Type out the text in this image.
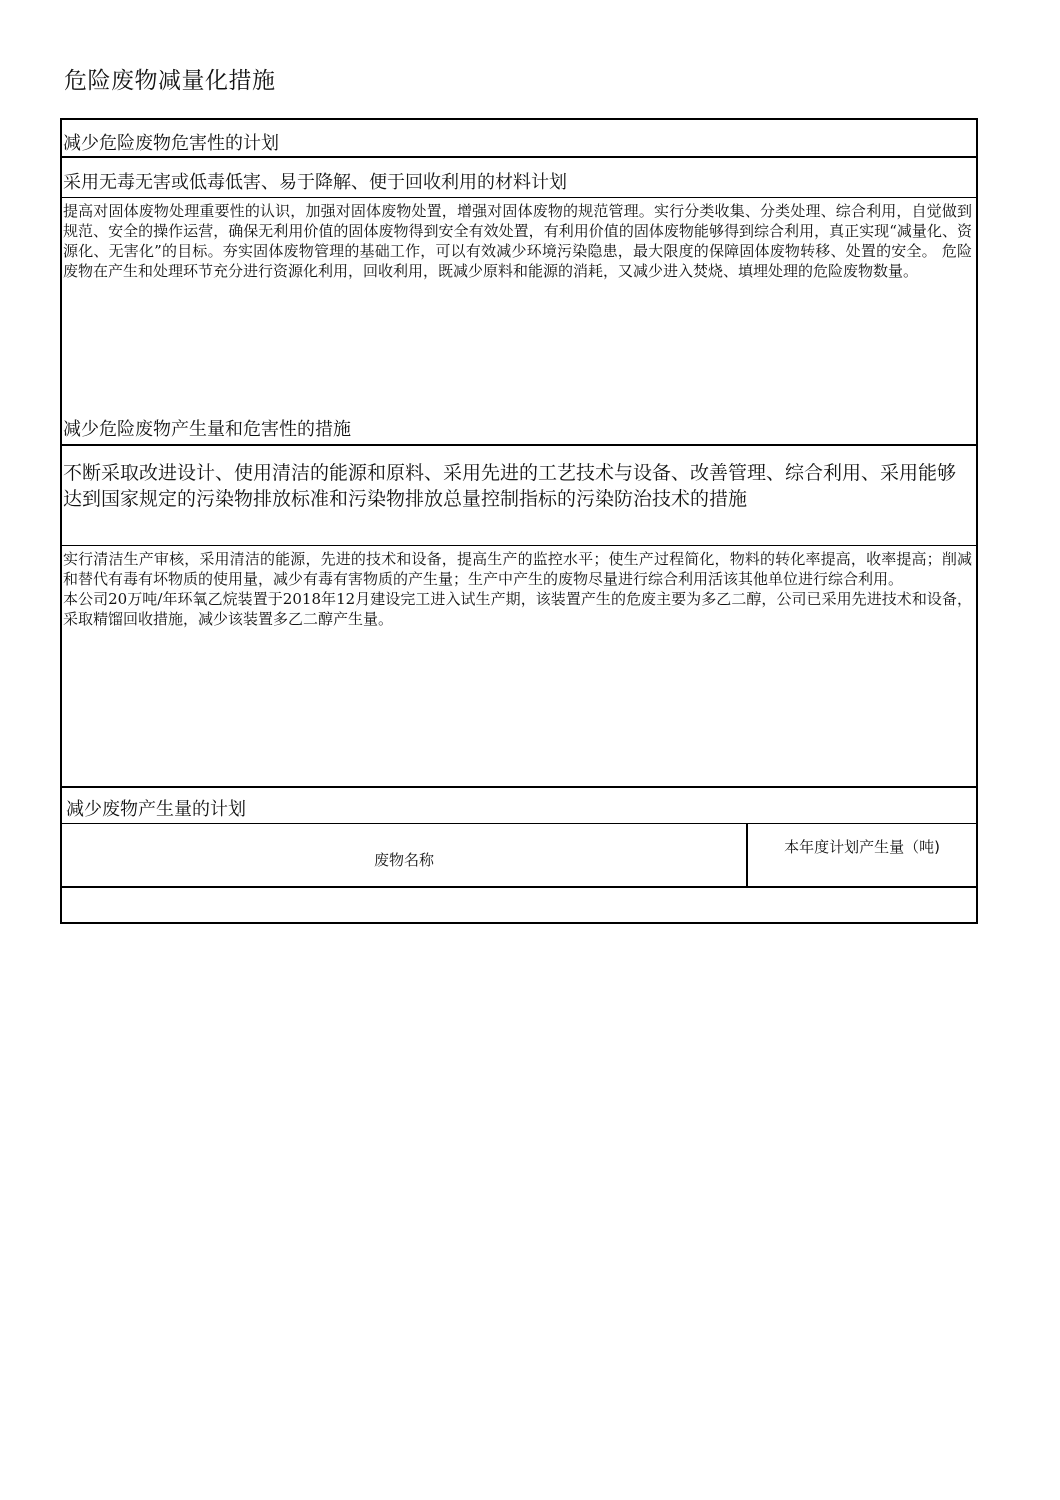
危险废物减量化措施
减少危险废物危害性的计划
采用无毒无害或低毒低害、易于降解、便于回收利用的材料计划
提高对固体废物处理重要性的认识，加强对固体废物处置，增强对固体废物的规范管理。实行分类收集、分类处理、综合利用，自觉做到规范、安全的操作运营，确保无利用价值的固体废物得到安全有效处置，有利用价值的固体废物能够得到综合利用，真正实现“减量化、资源化、无害化”的目标。夯实固体废物管理的基础工作，可以有效减少环境污染隐患，最大限度的保障固体废物转移、处置的安全。 危险废物在产生和处理环节充分进行资源化利用，回收利用，既减少原料和能源的消耗，又减少进入焚烧、填埋处理的危险废物数量。
减少危险废物产生量和危害性的措施
不断采取改进设计、使用清洁的能源和原料、采用先进的工艺技术与设备、改善管理、综合利用、采用能够达到国家规定的污染物排放标准和污染物排放总量控制指标的污染防治技术的措施

实行清洁生产审核，采用清洁的能源，先进的技术和设备，提高生产的监控水平；使生产过程简化，物料的转化率提高，收率提高；削减和替代有毒有坏物质的使用量，减少有毒有害物质的产生量；生产中产生的废物尽量进行综合利用活该其他单位进行综合利用。

本公司20万吨/年环氧乙烷装置于2018年12月建设完工进入试生产期，该装置产生的危废主要为多乙二醇，公司已采用先进技术和设备，采取精馏回收措施，减少该装置多乙二醇产生量。

减少废物产生量的计划
废物名称
本年度计划产生量（吨)
